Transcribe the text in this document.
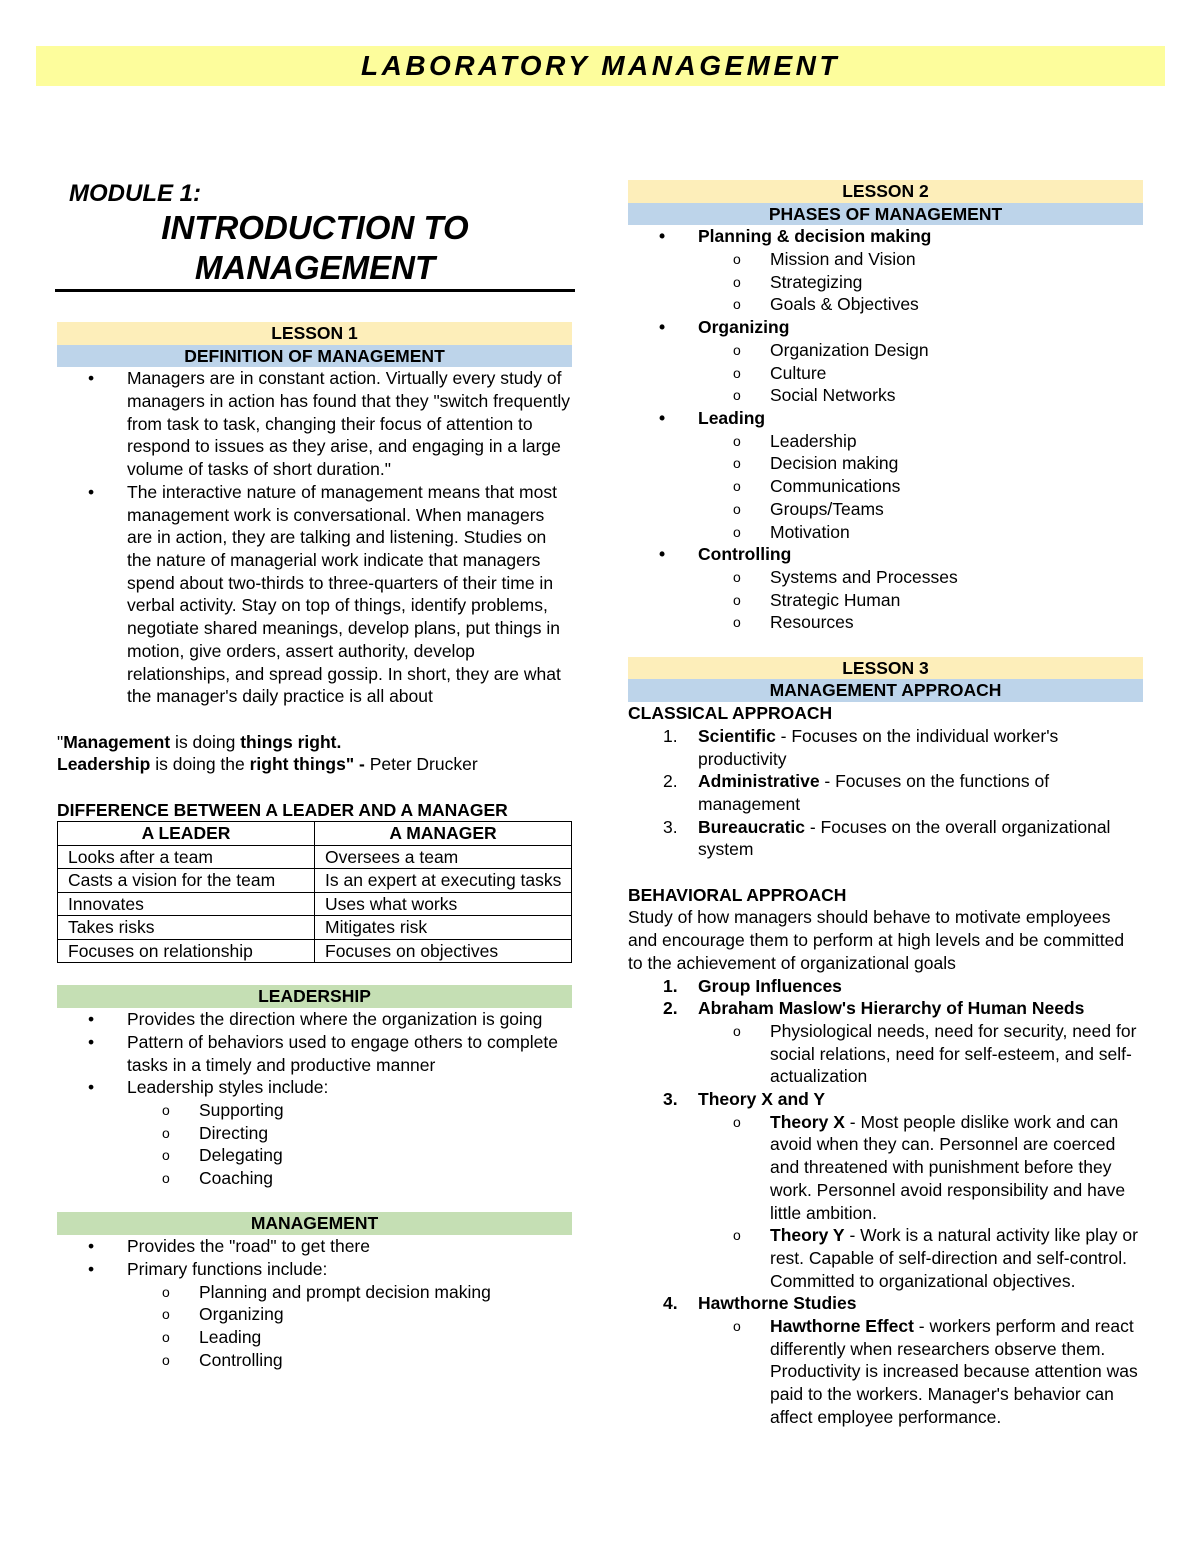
LABORATORY MANAGEMENT
MODULE 1:
INTRODUCTION TO MANAGEMENT
LESSON 1
DEFINITION OF MANAGEMENT
• Managers are in constant action. Virtually every study of managers in action has found that they "switch frequently from task to task, changing their focus of attention to respond to issues as they arise, and engaging in a large volume of tasks of short duration."
• The interactive nature of management means that most management work is conversational. When managers are in action, they are talking and listening. Studies on the nature of managerial work indicate that managers spend about two-thirds to three-quarters of their time in verbal activity. Stay on top of things, identify problems, negotiate shared meanings, develop plans, put things in motion, give orders, assert authority, develop relationships, and spread gossip. In short, they are what the manager's daily practice is all about
"Management is doing things right.
Leadership is doing the right things" - Peter Drucker
DIFFERENCE BETWEEN A LEADER AND A MANAGER
A LEADER	A MANAGER
Looks after a team	Oversees a team
Casts a vision for the team	Is an expert at executing tasks
Innovates	Uses what works
Takes risks	Mitigates risk
Focuses on relationship	Focuses on objectives
LEADERSHIP
• Provides the direction where the organization is going
• Pattern of behaviors used to engage others to complete tasks in a timely and productive manner
• Leadership styles include:
o Supporting
o Directing
o Delegating
o Coaching
MANAGEMENT
• Provides the "road" to get there
• Primary functions include:
o Planning and prompt decision making
o Organizing
o Leading
o Controlling
LESSON 2
PHASES OF MANAGEMENT
• Planning & decision making
o Mission and Vision
o Strategizing
o Goals & Objectives
• Organizing
o Organization Design
o Culture
o Social Networks
• Leading
o Leadership
o Decision making
o Communications
o Groups/Teams
o Motivation
• Controlling
o Systems and Processes
o Strategic Human
o Resources
LESSON 3
MANAGEMENT APPROACH
CLASSICAL APPROACH
1. Scientific - Focuses on the individual worker's productivity
2. Administrative - Focuses on the functions of management
3. Bureaucratic - Focuses on the overall organizational system
BEHAVIORAL APPROACH
Study of how managers should behave to motivate employees and encourage them to perform at high levels and be committed to the achievement of organizational goals
1. Group Influences
2. Abraham Maslow's Hierarchy of Human Needs
o Physiological needs, need for security, need for social relations, need for self-esteem, and self-actualization
3. Theory X and Y
o Theory X - Most people dislike work and can avoid when they can. Personnel are coerced and threatened with punishment before they work. Personnel avoid responsibility and have little ambition.
o Theory Y - Work is a natural activity like play or rest. Capable of self-direction and self-control. Committed to organizational objectives.
4. Hawthorne Studies
o Hawthorne Effect - workers perform and react differently when researchers observe them. Productivity is increased because attention was paid to the workers. Manager's behavior can affect employee performance.
